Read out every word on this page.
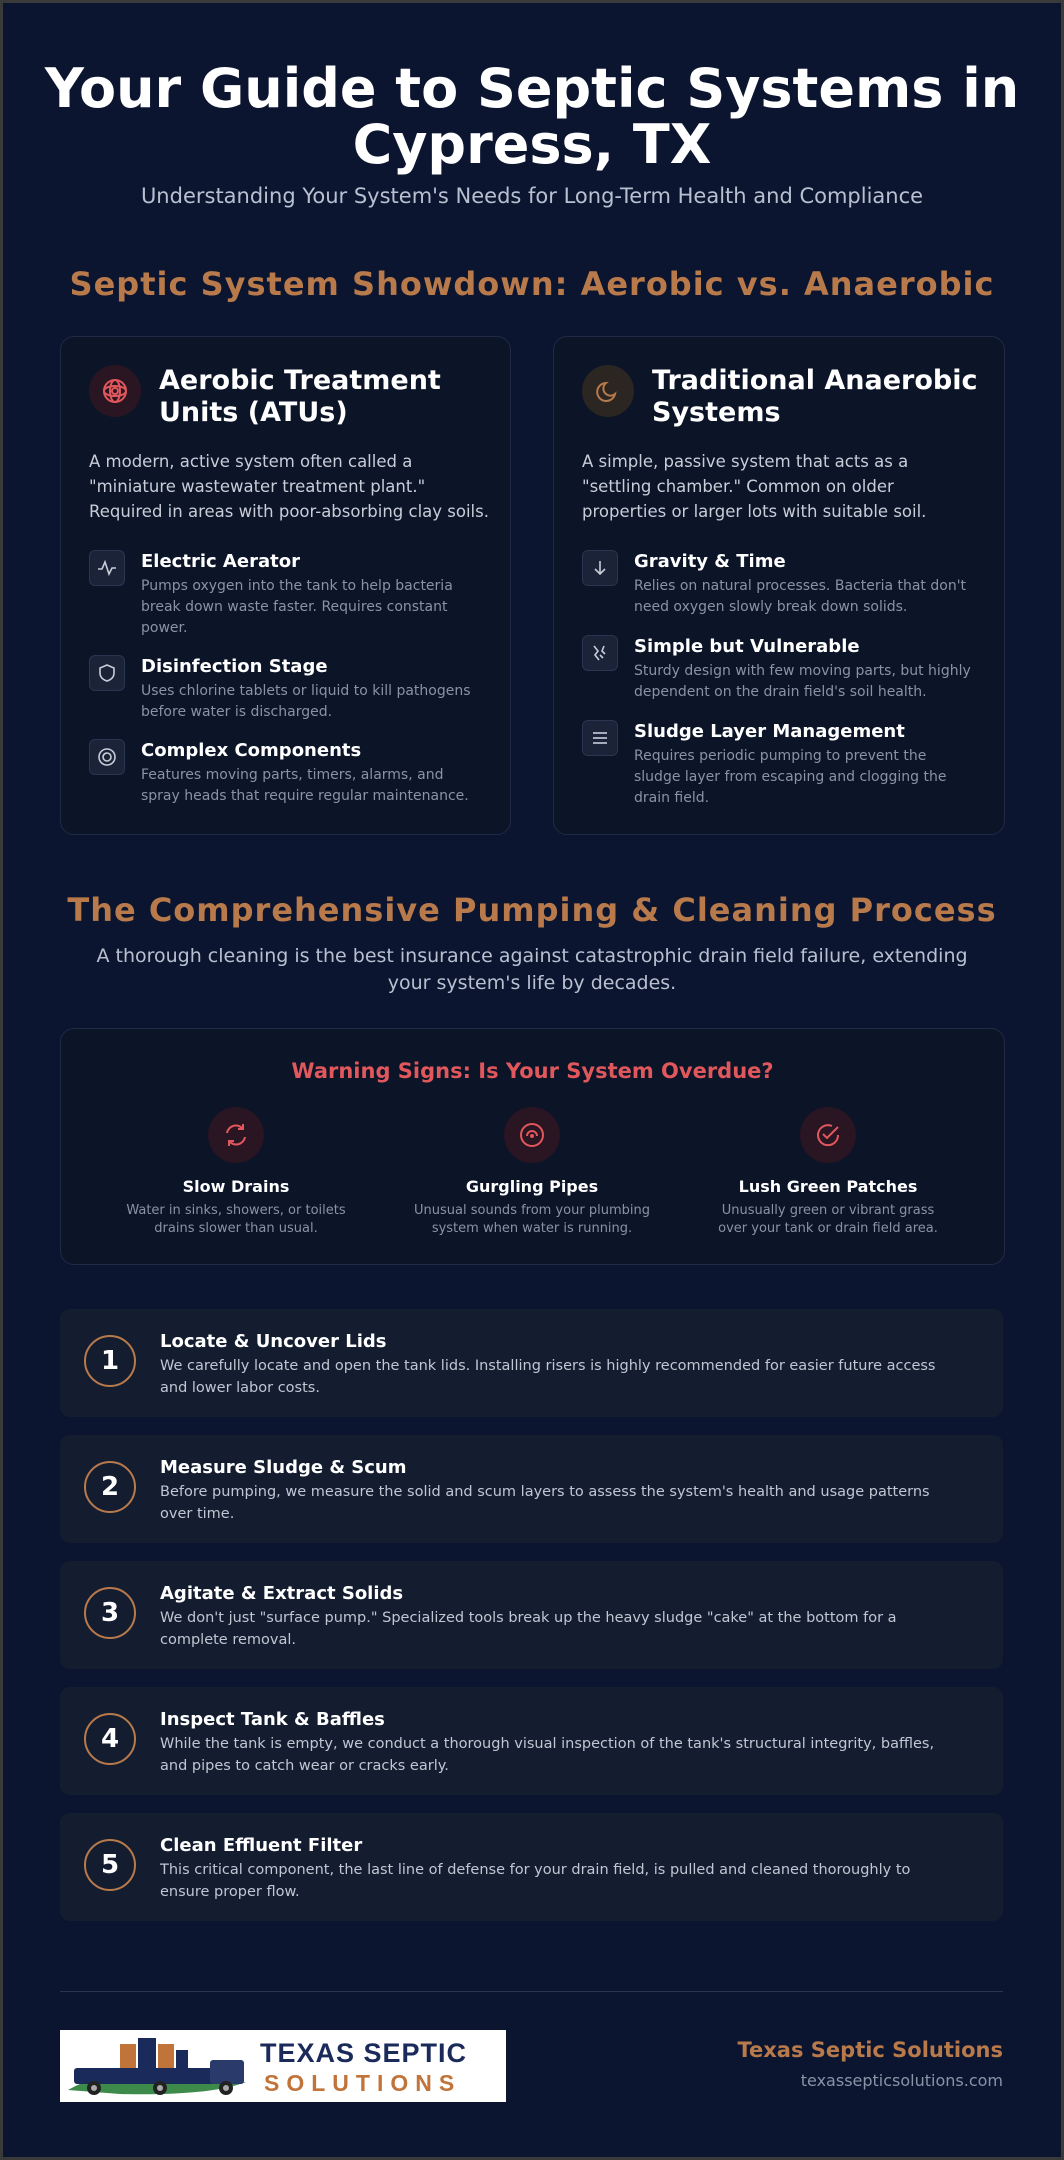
Your Guide to Septic Systems in Cypress, TX
Understanding Your System's Needs for Long-Term Health and Compliance
Septic System Showdown: Aerobic vs. Anaerobic
Aerobic Treatment Units (ATUs)
A modern, active system often called a "miniature wastewater treatment plant." Required in areas with poor-absorbing clay soils.
Electric Aerator
Pumps oxygen into the tank to help bacteria break down waste faster. Requires constant power.
Disinfection Stage
Uses chlorine tablets or liquid to kill pathogens before water is discharged.
Complex Components
Features moving parts, timers, alarms, and spray heads that require regular maintenance.
Traditional Anaerobic Systems
A simple, passive system that acts as a "settling chamber." Common on older properties or larger lots with suitable soil.
Gravity & Time
Relies on natural processes. Bacteria that don't need oxygen slowly break down solids.
Simple but Vulnerable
Sturdy design with few moving parts, but highly dependent on the drain field's soil health.
Sludge Layer Management
Requires periodic pumping to prevent the sludge layer from escaping and clogging the drain field.
The Comprehensive Pumping & Cleaning Process
A thorough cleaning is the best insurance against catastrophic drain field failure, extending your system's life by decades.
Warning Signs: Is Your System Overdue?
Slow Drains
Water in sinks, showers, or toilets drains slower than usual.
Gurgling Pipes
Unusual sounds from your plumbing system when water is running.
Lush Green Patches
Unusually green or vibrant grass over your tank or drain field area.
1
Locate & Uncover Lids
We carefully locate and open the tank lids. Installing risers is highly recommended for easier future access and lower labor costs.
2
Measure Sludge & Scum
Before pumping, we measure the solid and scum layers to assess the system's health and usage patterns over time.
3
Agitate & Extract Solids
We don't just "surface pump." Specialized tools break up the heavy sludge "cake" at the bottom for a complete removal.
4
Inspect Tank & Baffles
While the tank is empty, we conduct a thorough visual inspection of the tank's structural integrity, baffles, and pipes to catch wear or cracks early.
5
Clean Effluent Filter
This critical component, the last line of defense for your drain field, is pulled and cleaned thoroughly to ensure proper flow.
TEXAS SEPTIC
SOLUTIONS
Texas Septic Solutions
texassepticsolutions.com
